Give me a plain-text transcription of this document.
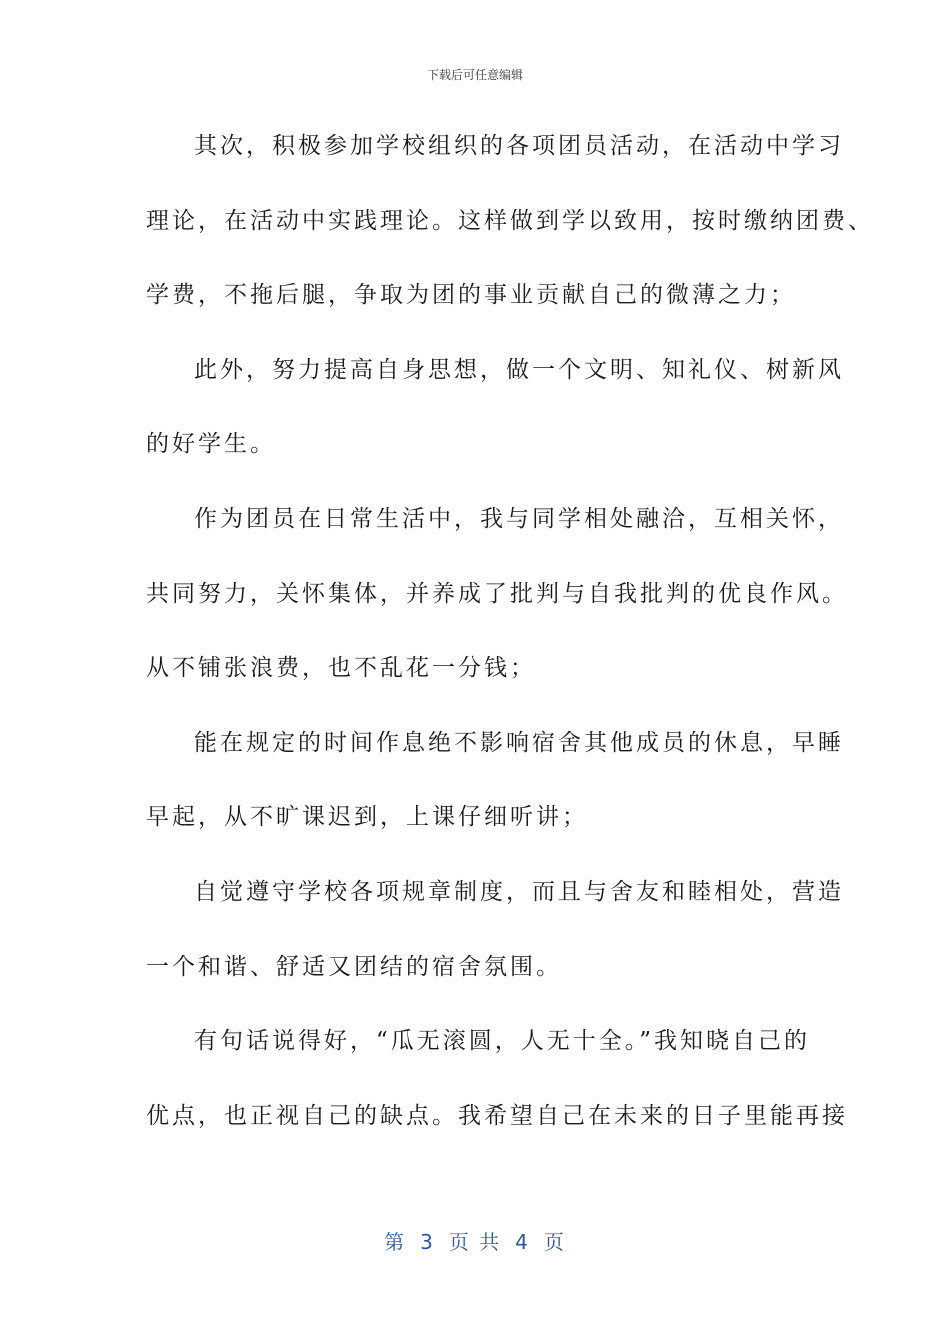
下载后可任意编辑
其次，积极参加学校组织的各项团员活动，在活动中学习
理论，在活动中实践理论。这样做到学以致用，按时缴纳团费、
学费，不拖后腿，争取为团的事业贡献自己的微薄之力；
此外，努力提高自身思想，做一个文明、知礼仪、树新风
的好学生。
作为团员在日常生活中，我与同学相处融洽，互相关怀，
共同努力，关怀集体，并养成了批判与自我批判的优良作风。
从不铺张浪费，也不乱花一分钱；
能在规定的时间作息绝不影响宿舍其他成员的休息，早睡
早起，从不旷课迟到，上课仔细听讲；
自觉遵守学校各项规章制度，而且与舍友和睦相处，营造
一个和谐、舒适又团结的宿舍氛围。
有句话说得好，“瓜无滚圆，人无十全。”我知晓自己的
优点，也正视自己的缺点。我希望自己在未来的日子里能再接
第 3 页 共 4 页
